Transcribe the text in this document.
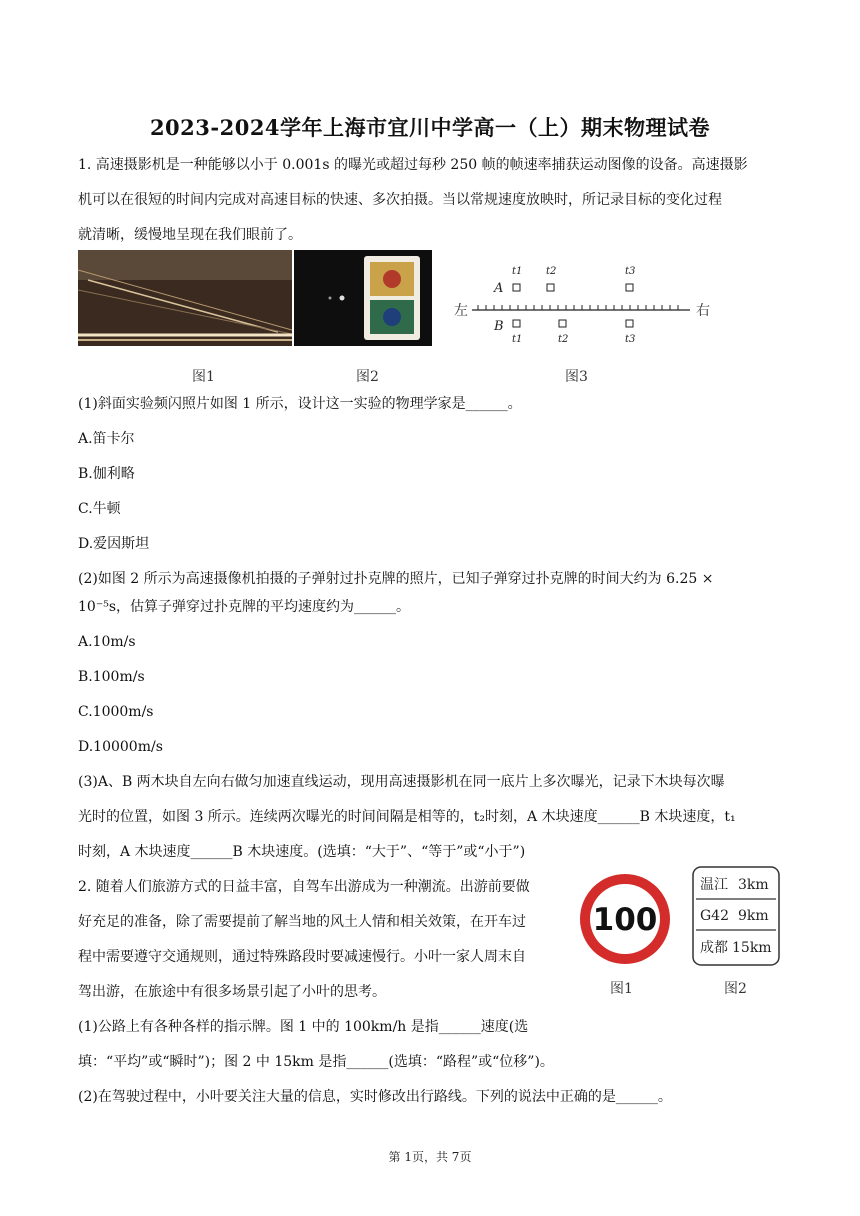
2023-2024学年上海市宜川中学高一（上）期末物理试卷
1. 高速摄影机是一种能够以小于 0.001s 的曝光或超过每秒 250 帧的帧速率捕获运动图像的设备。高速摄影
机可以在很短的时间内完成对高速目标的快速、多次拍摄。当以常规速度放映时，所记录目标的变化过程
就清晰，缓慢地呈现在我们眼前了。
左	右
A
B
t1 t2	t3
t1	t2	t3
图1	图2	图3
(1)斜面实验频闪照片如图 1 所示，设计这一实验的物理学家是______。
A.笛卡尔
B.伽利略
C.牛顿
D.爱因斯坦
(2)如图 2 所示为高速摄像机拍摄的子弹射过扑克牌的照片，已知子弹穿过扑克牌的时间大约为 6.25 ×
10⁻⁵s，估算子弹穿过扑克牌的平均速度约为______。
A.10m/s
B.100m/s
C.1000m/s
D.10000m/s
(3)A、B 两木块自左向右做匀加速直线运动，现用高速摄影机在同一底片上多次曝光，记录下木块每次曝
光时的位置，如图 3 所示。连续两次曝光的时间间隔是相等的，t₂时刻，A 木块速度______B 木块速度，t₁
时刻，A 木块速度______B 木块速度。(选填：“大于”、“等于”或“小于”)
2. 随着人们旅游方式的日益丰富，自驾车出游成为一种潮流。出游前要做
好充足的准备，除了需要提前了解当地的风土人情和相关效策，在开车过
程中需要遵守交通规则，通过特殊路段时要减速慢行。小叶一家人周末自
驾出游，在旅途中有很多场景引起了小叶的思考。
(1)公路上有各种各样的指示牌。图 1 中的 100km/h 是指______速度(选
填：“平均”或“瞬时”)；图 2 中 15km 是指______(选填：“路程”或“位移”)。
(2)在驾驶过程中，小叶要关注大量的信息，实时修改出行路线。下列的说法中正确的是______。
100
温江 3km
G42 9km
成都 15km
图1	图2
第 1页，共 7页
